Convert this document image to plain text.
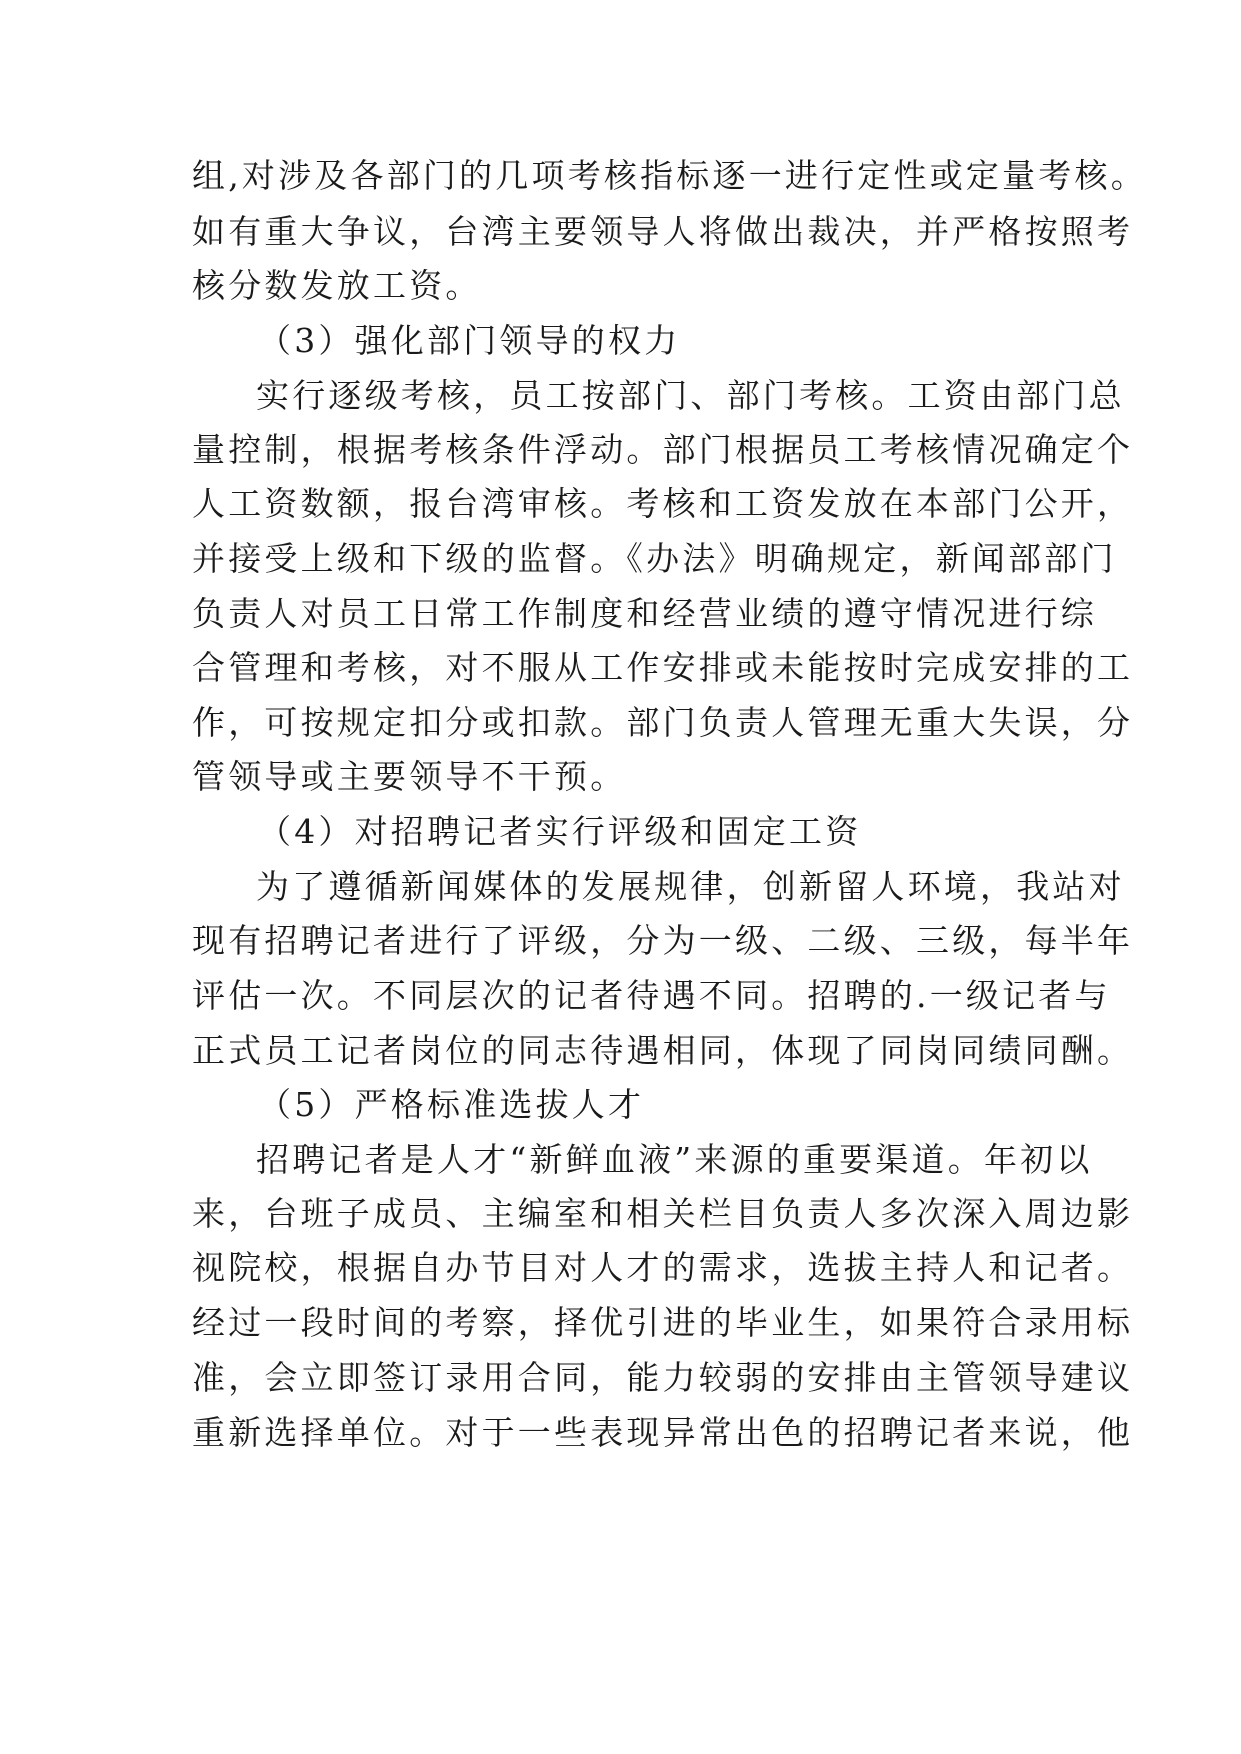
组,对涉及各部门的几项考核指标逐一进行定性或定量考核。
如有重大争议，台湾主要领导人将做出裁决，并严格按照考
核分数发放工资。
（3）强化部门领导的权力
实行逐级考核，员工按部门、部门考核。工资由部门总
量控制，根据考核条件浮动。部门根据员工考核情况确定个
人工资数额，报台湾审核。考核和工资发放在本部门公开，
并接受上级和下级的监督。《办法》明确规定，新闻部部门
负责人对员工日常工作制度和经营业绩的遵守情况进行综
合管理和考核，对不服从工作安排或未能按时完成安排的工
作，可按规定扣分或扣款。部门负责人管理无重大失误，分
管领导或主要领导不干预。
（4）对招聘记者实行评级和固定工资
为了遵循新闻媒体的发展规律，创新留人环境，我站对
现有招聘记者进行了评级，分为一级、二级、三级，每半年
评估一次。不同层次的记者待遇不同。招聘的.一级记者与
正式员工记者岗位的同志待遇相同，体现了同岗同绩同酬。
（5）严格标准选拔人才
招聘记者是人才“新鲜血液”来源的重要渠道。年初以
来，台班子成员、主编室和相关栏目负责人多次深入周边影
视院校，根据自办节目对人才的需求，选拔主持人和记者。
经过一段时间的考察，择优引进的毕业生，如果符合录用标
准，会立即签订录用合同，能力较弱的安排由主管领导建议
重新选择单位。对于一些表现异常出色的招聘记者来说，他
